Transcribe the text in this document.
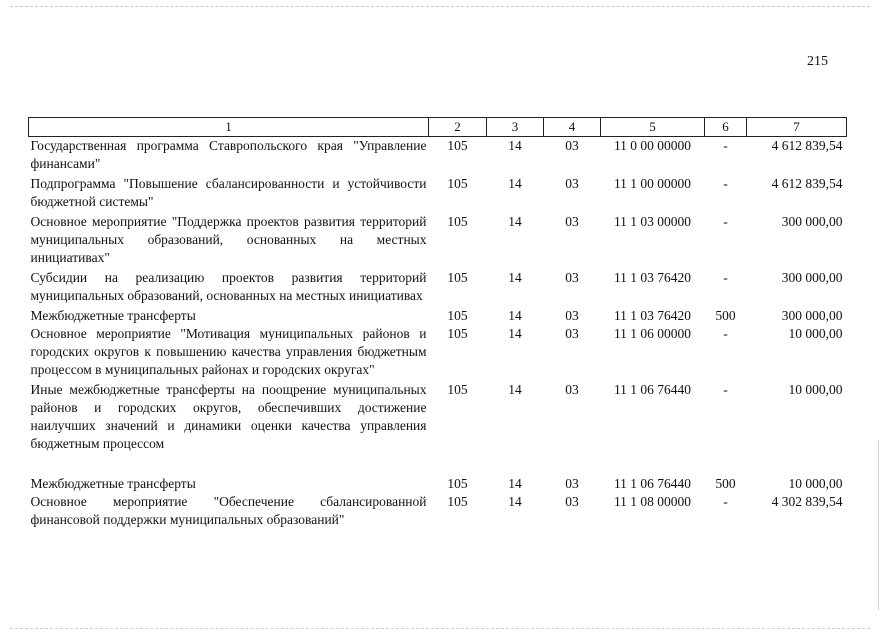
215
1	2	3	4	5	6	7
Государственная программа Ставропольского края "Управление финансами"	105	14	03	11 0 00 00000	-	4 612 839,54
Подпрограмма "Повышение сбалансированности и устойчивости бюджетной системы"	105	14	03	11 1 00 00000	-	4 612 839,54
Основное мероприятие "Поддержка проектов развития территорий муниципальных образований, основанных на местных инициативах"	105	14	03	11 1 03 00000	-	300 000,00
Субсидии на реализацию проектов развития территорий муниципальных образований, основанных на местных инициативах	105	14	03	11 1 03 76420	-	300 000,00
Межбюджетные трансферты	105	14	03	11 1 03 76420	500	300 000,00
Основное мероприятие "Мотивация муниципальных районов и городских округов к повышению качества управления бюджетным процессом в муниципальных районах и городских округах"	105	14	03	11 1 06 00000	-	10 000,00
Иные межбюджетные трансферты на поощрение муниципальных районов и городских округов, обеспечивших достижение наилучших значений и динамики оценки качества управления бюджетным процессом	105	14	03	11 1 06 76440	-	10 000,00

Межбюджетные трансферты	105	14	03	11 1 06 76440	500	10 000,00
Основное мероприятие "Обеспечение сбалансированной финансовой поддержки муниципальных образований"	105	14	03	11 1 08 00000	-	4 302 839,54
